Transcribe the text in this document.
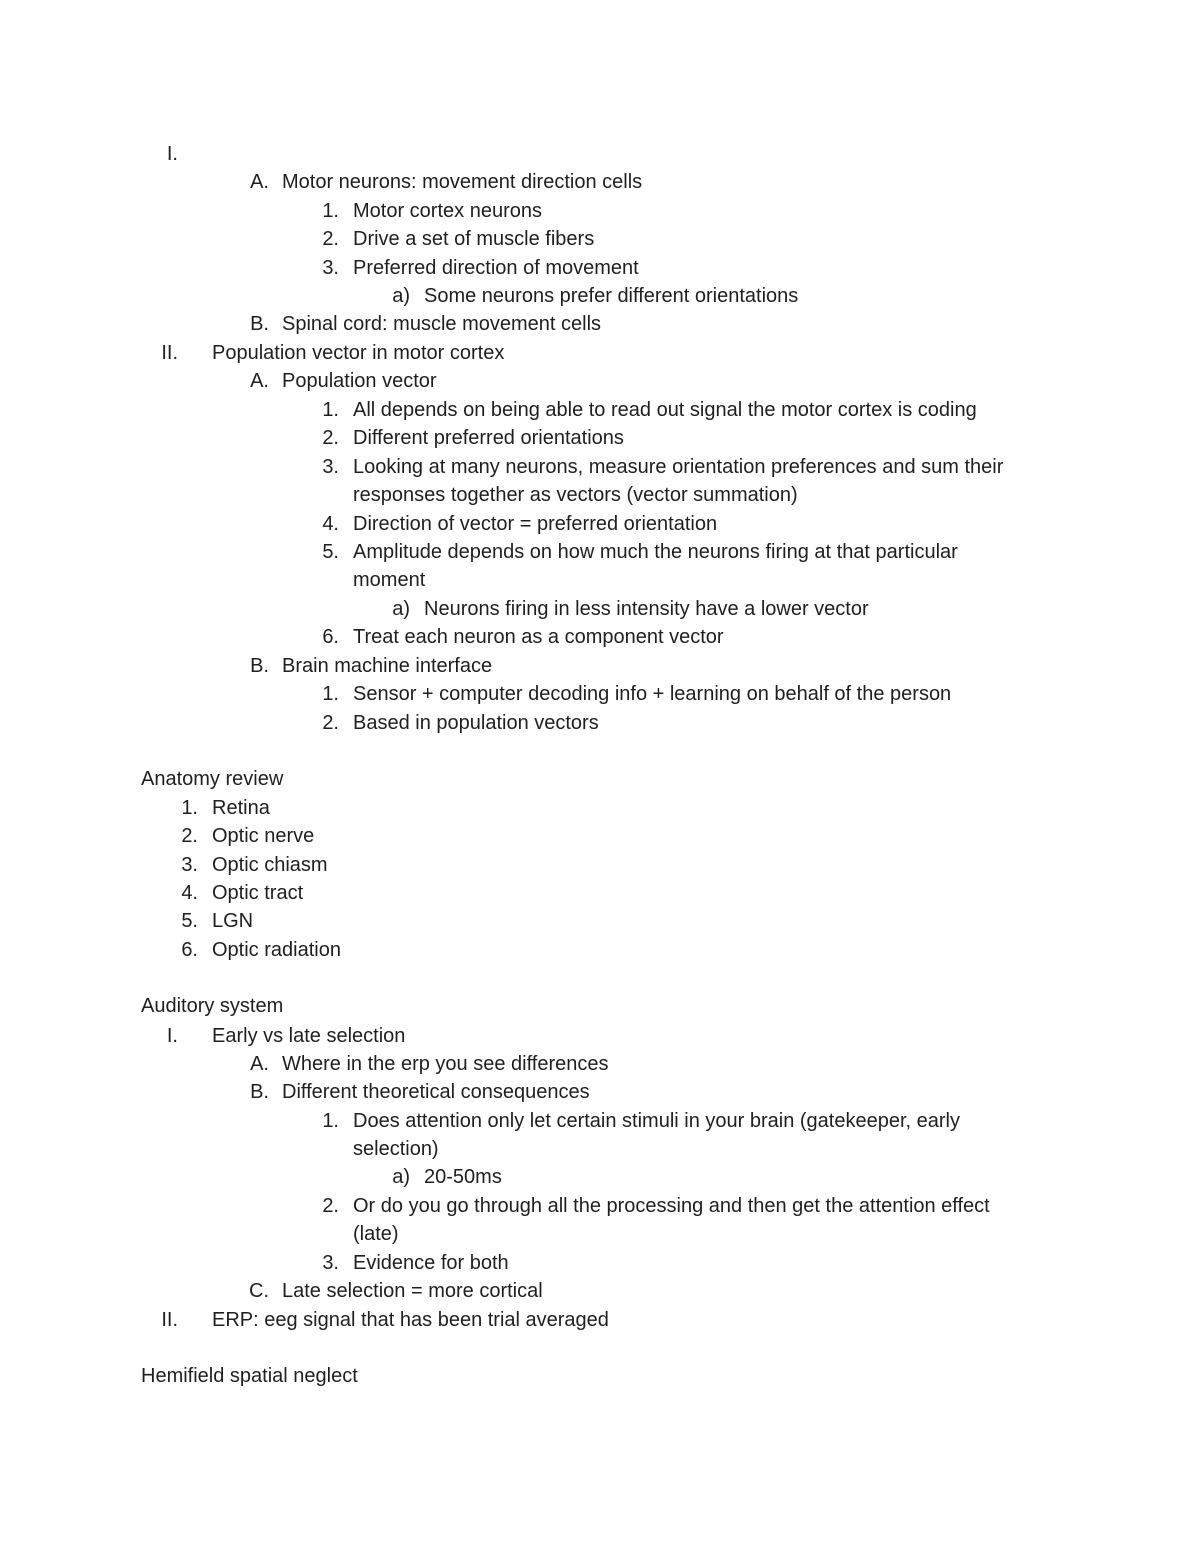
I.
A. Motor neurons: movement direction cells
1. Motor cortex neurons
2. Drive a set of muscle fibers
3. Preferred direction of movement
a) Some neurons prefer different orientations
B. Spinal cord: muscle movement cells
II. Population vector in motor cortex
A. Population vector
1. All depends on being able to read out signal the motor cortex is coding
2. Different preferred orientations
3. Looking at many neurons, measure orientation preferences and sum their
responses together as vectors (vector summation)
4. Direction of vector = preferred orientation
5. Amplitude depends on how much the neurons firing at that particular
moment
a) Neurons firing in less intensity have a lower vector
6. Treat each neuron as a component vector
B. Brain machine interface
1. Sensor + computer decoding info + learning on behalf of the person
2. Based in population vectors
Anatomy review
1. Retina
2. Optic nerve
3. Optic chiasm
4. Optic tract
5. LGN
6. Optic radiation
Auditory system
I. Early vs late selection
A. Where in the erp you see differences
B. Different theoretical consequences
1. Does attention only let certain stimuli in your brain (gatekeeper, early
selection)
a) 20-50ms
2. Or do you go through all the processing and then get the attention effect
(late)
3. Evidence for both
C. Late selection = more cortical
II. ERP: eeg signal that has been trial averaged
Hemifield spatial neglect
